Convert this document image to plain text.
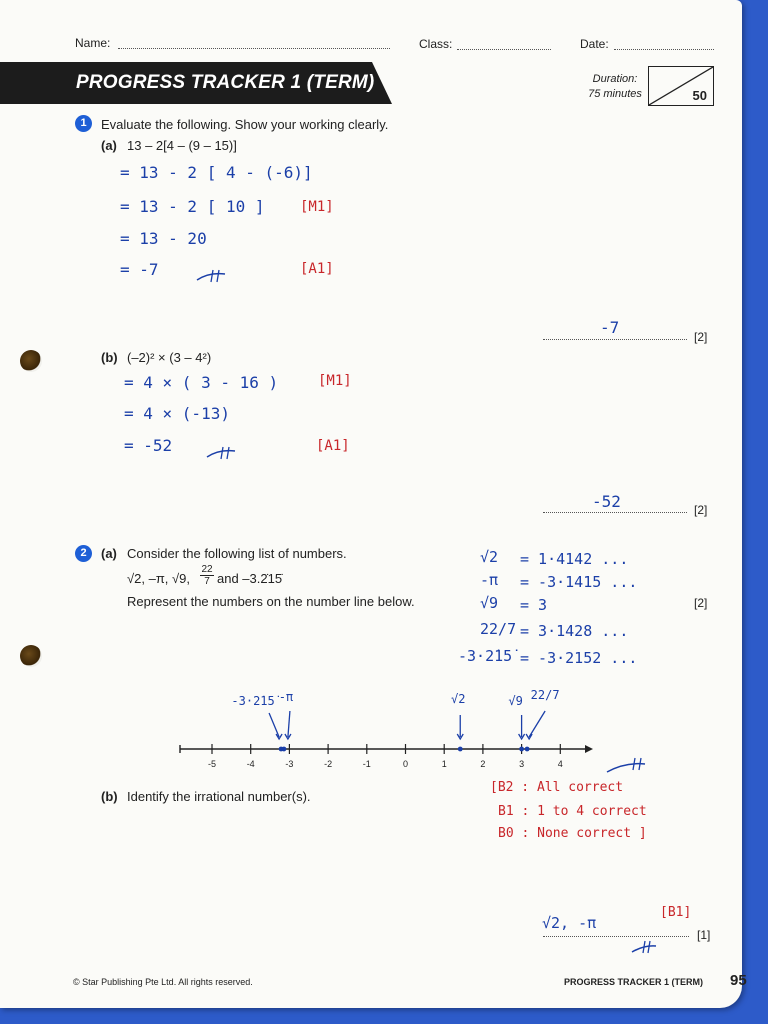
Name:	Class:	Date:
PROGRESS TRACKER 1 (TERM)	Duration:
75 minutes	50
1	Evaluate the following. Show your working clearly.
(a) 13 – 2[4 – (9 – 15)]
= 13 - 2 [ 4 - (-6)]
= 13 - 2 [ 10 ]	[M1]
= 13 - 20
= -7	[A1]
-7	[2]
(b) (–2)² × (3 – 4²)
= 4 × ( 3 - 16 )	[M1]
= 4 × (-13)
= -52	[A1]
-52	[2]
2	(a) Consider the following list of numbers.
√2, –π, √9, $\frac{22}{7}$ and –3.2̇15̇
Represent the numbers on the number line below.	[2]
√2 = 1·4142 ...
-π = -3·1415 ...
√9 = 3
22/7 = 3·1428 ...
-3·2̇15̇ = -3·2152 ...
-5	-4	-3	-2	-1	0	1	2	3	4
-3·2̇15̇ -π	√2	√9 22/7
(b) Identify the irrational number(s).
[B2 : All correct
B1 : 1 to 4 correct
B0 : None correct ]
[B1]
√2, -π
[1]
© Star Publishing Pte Ltd. All rights reserved.	PROGRESS TRACKER 1 (TERM) 95
